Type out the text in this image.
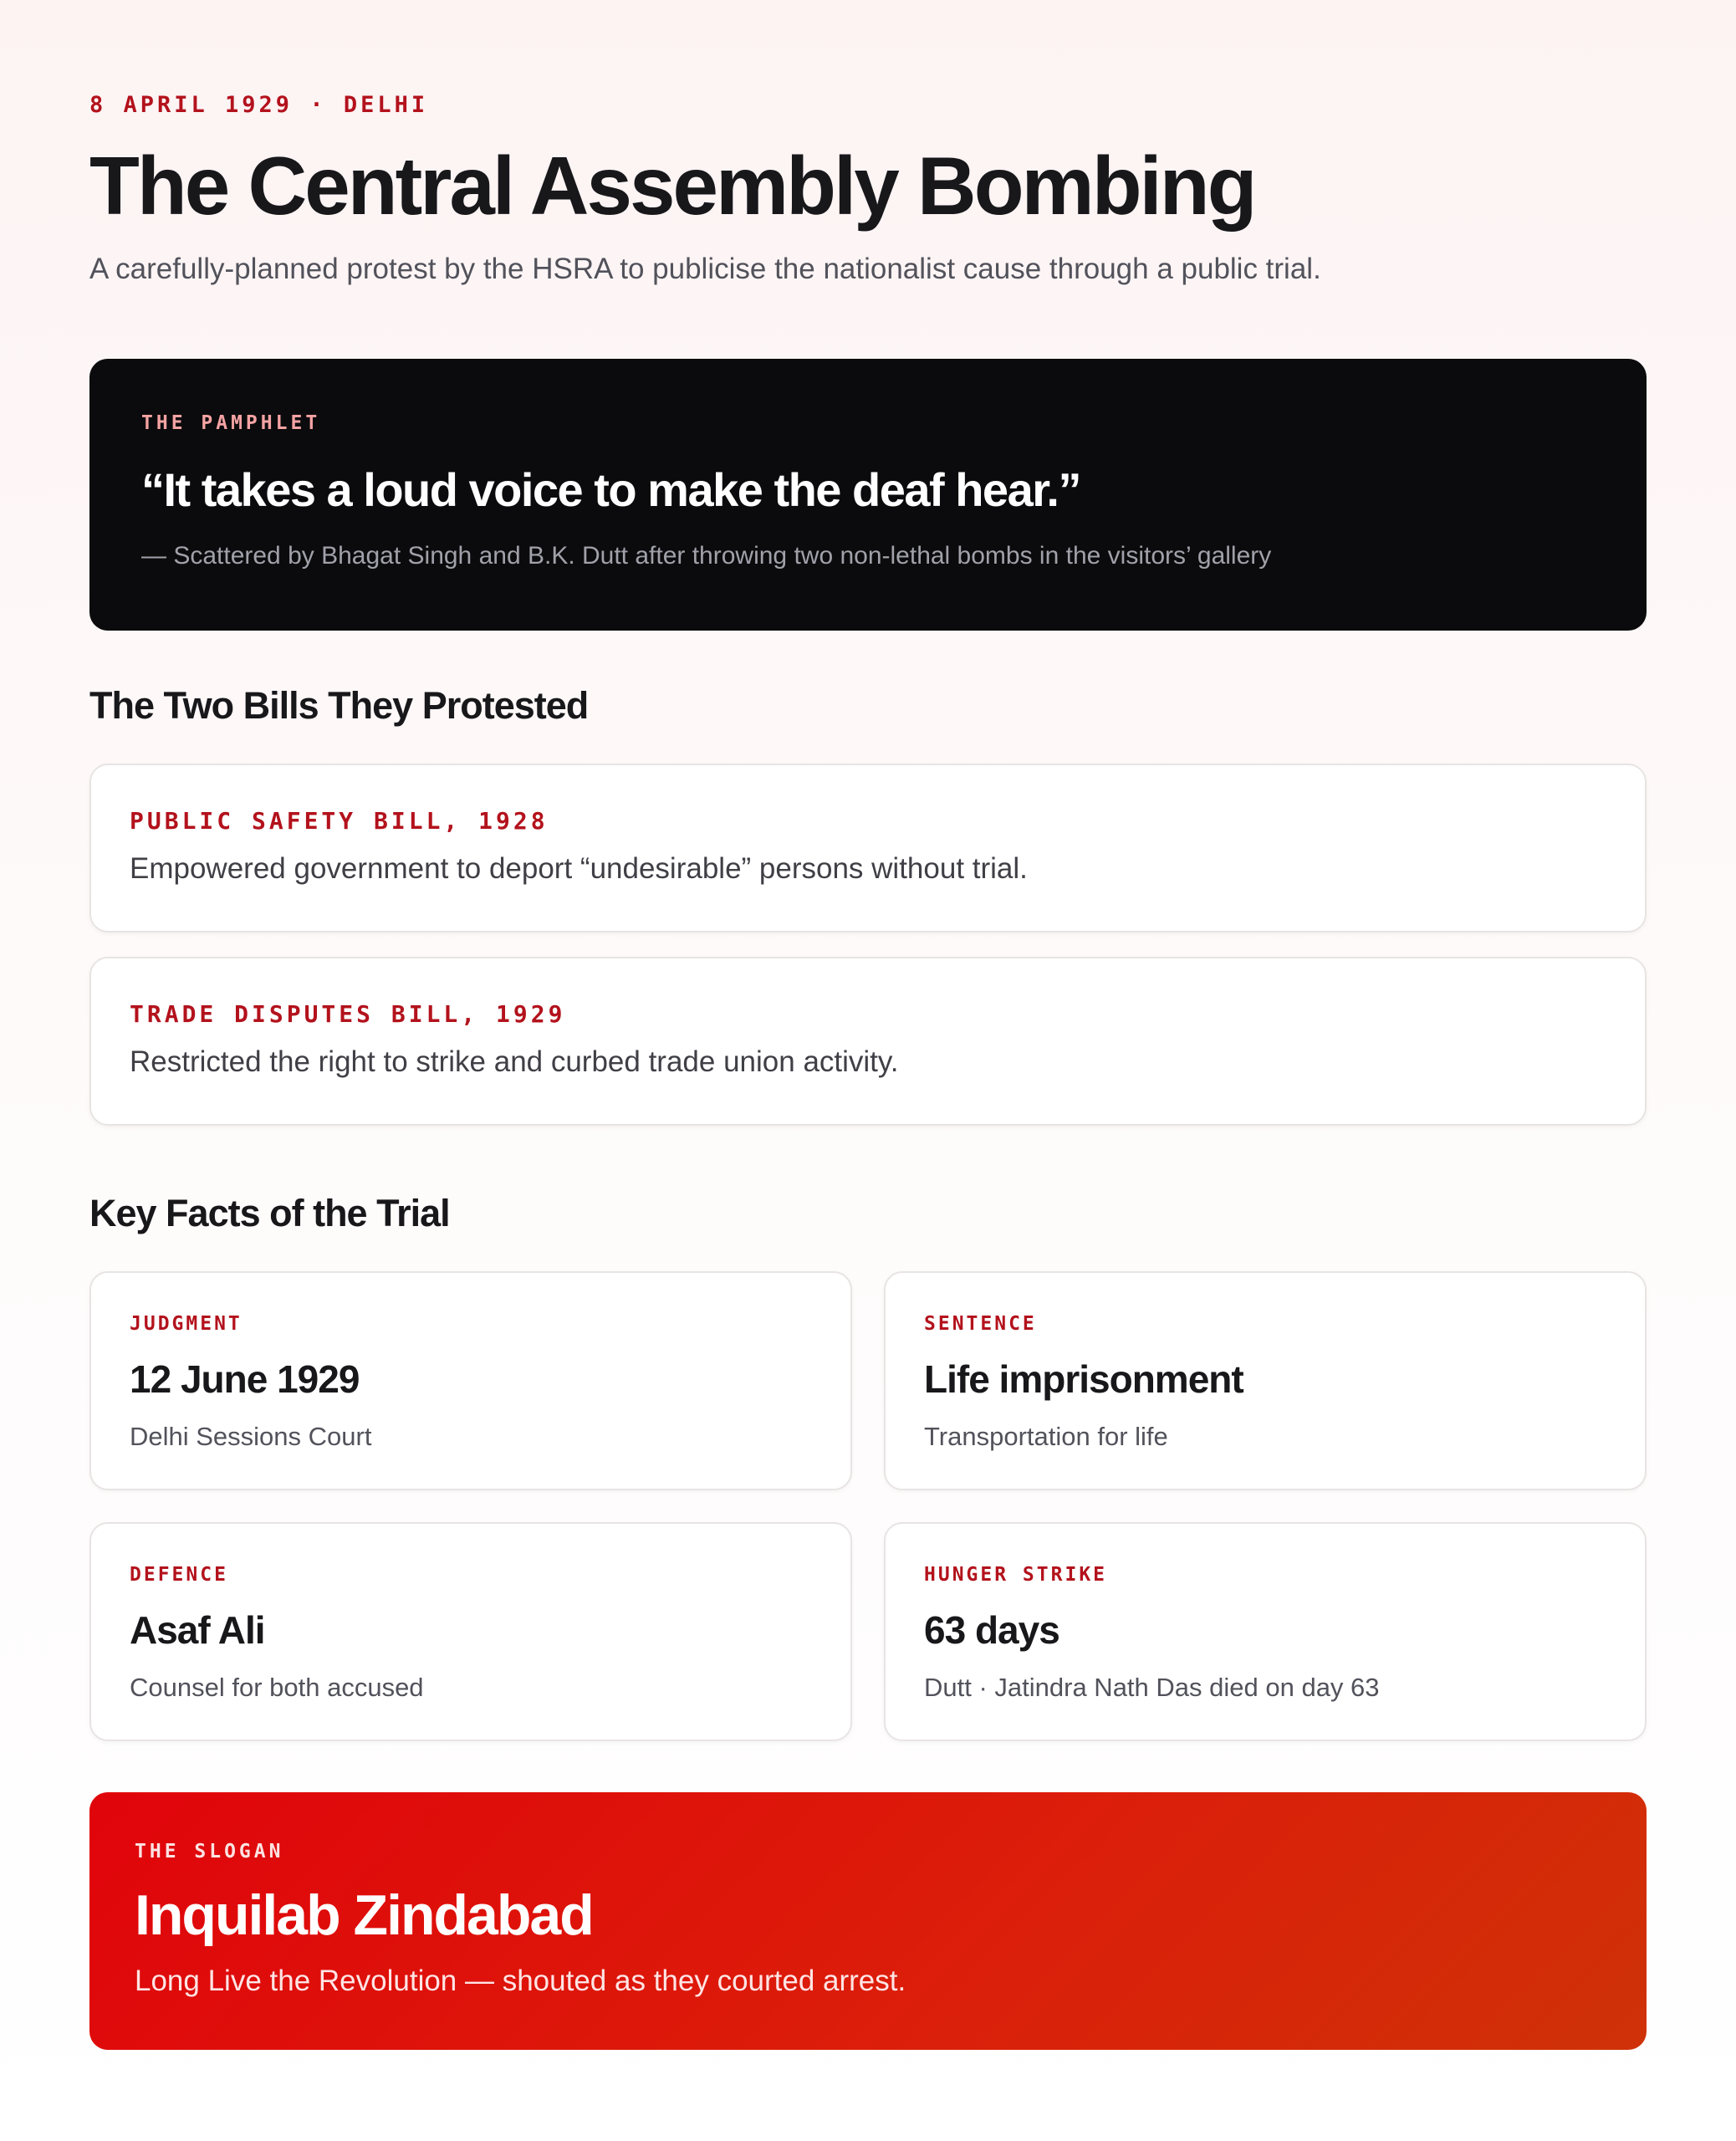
8 APRIL 1929 · DELHI
The Central Assembly Bombing
A carefully-planned protest by the HSRA to publicise the nationalist cause through a public trial.
THE PAMPHLET
“It takes a loud voice to make the deaf hear.”
— Scattered by Bhagat Singh and B.K. Dutt after throwing two non-lethal bombs in the visitors’ gallery
The Two Bills They Protested
PUBLIC SAFETY BILL, 1928
Empowered government to deport “undesirable” persons without trial.
TRADE DISPUTES BILL, 1929
Restricted the right to strike and curbed trade union activity.
Key Facts of the Trial
JUDGMENT
12 June 1929
Delhi Sessions Court
SENTENCE
Life imprisonment
Transportation for life
DEFENCE
Asaf Ali
Counsel for both accused
HUNGER STRIKE
63 days
Dutt · Jatindra Nath Das died on day 63
THE SLOGAN
Inquilab Zindabad
Long Live the Revolution — shouted as they courted arrest.
